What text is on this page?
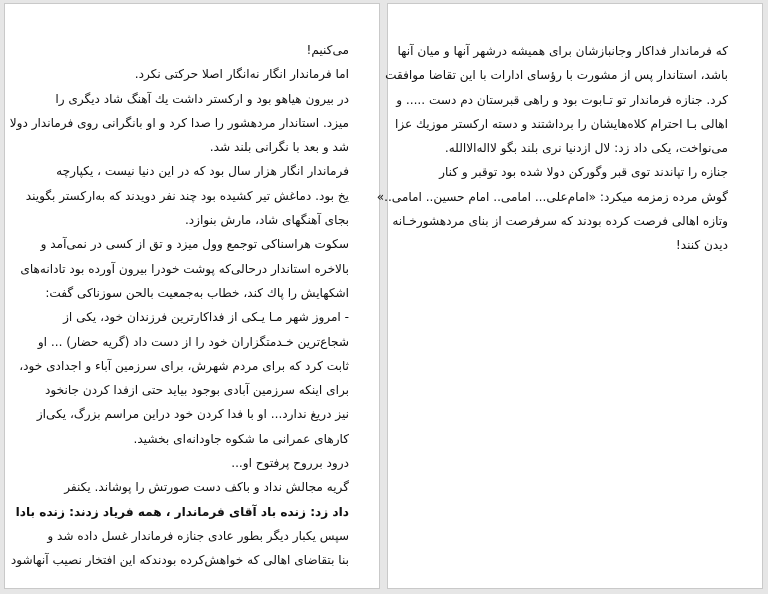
می‌کنیم!
اما فرماندار انگار نه‌انگار اصلا حرکتی نکرد.
در بیرون هیاهو بود و ارکستر داشت یك آهنگ شاد دیگری را
میزد. استاندار مردهشور را صدا کرد و او بانگرانی روی فرماندار دولا
شد و بعد با نگرانی بلند شد.
فرماندار انگار هزار سال بود که در این دنیا نیست ، یکپارچه
یخ بود. دماغش تیر کشیده بود چند نفر دویدند که به‌ارکستر بگویند
بجای آهنگهای شاد، مارش بنوازد.
سکوت هراسناکی توجمع وول میزد و تق از کسی در نمی‌آمد و
بالاخره استاندار درحالی‌که پوشت خودرا بیرون آورده بود تادانه‌های
اشکهایش را پاك کند، خطاب به‌جمعیت بالحن سوزناکی گفت:
- امروز شهر مـا یـکی از فداکارترین فرزندان خود، یکی از
شجاع‌ترین خـدمتگزاران خود را از دست داد (گریه حضار) ... او
ثابت کرد که برای مردم شهرش، برای سرزمین آباء و اجدادی خود،
برای اینکه سرزمین آبادی بوجود بیاید حتی ازفدا کردن جانخود
نیز دریغ ندارد... او با فدا کردن خود دراین مراسم بزرگ، یکی‌از
کارهای عمرانی ما شکوه جاودانه‌ای بخشید.
درود برروح پرفتوح او...
گریه مجالش نداد و باکف دست صورتش را پوشاند. یکنفر
داد زد: زنده باد آقای فرماندار ، همه فریاد زدند: زنده بادا
سپس یکبار دیگر بطور عادی جنازه فرماندار غسل داده شد و
بنا بتقاضای اهالی که خواهش‌کرده بودندکه این افتخار نصیب آنهاشود
که فرماندار فداکار وجانبازشان برای همیشه درشهر آنها و میان آنها
باشد، استاندار پس از مشورت با رؤسای ادارات با این تقاضا موافقت
کرد. جنازه فرماندار تو تـابوت بود و راهی قبرستان دم دست ..... و
اهالی بـا احترام کلاه‌هایشان را برداشتند و دسته ارکستر موزیك عزا
می‌نواخت، یکی داد زد: لال ازدنیا نری بلند بگو لااله‌الاالله.
جنازه را تپاندند توی قبر وگورکن دولا شده بود توقبر و کنار
گوش مرده زمزمه میکرد: «امام‌علی... امامی.. امام حسین.. امامی..»
وتازه اهالی فرصت کرده بودند که سرفرصت از بنای مردهشورخـانه
دیدن کنند!
